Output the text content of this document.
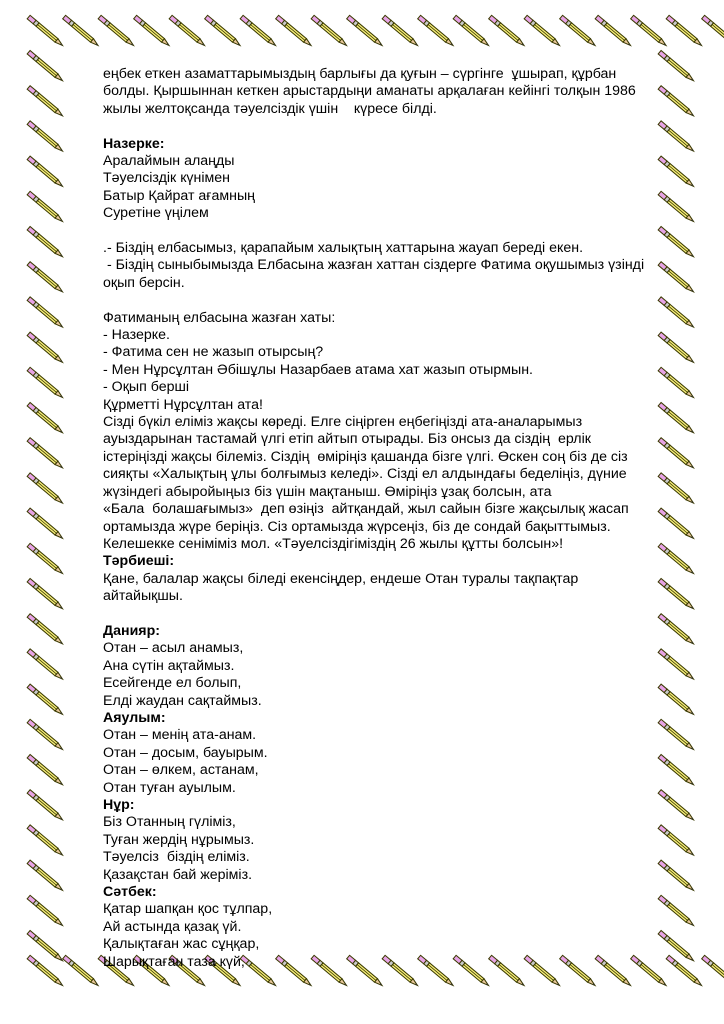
еңбек еткен азаматтарымыздың барлығы да қуғын – сүргінге  ұшырап, құрбан

болды. Қыршыннан кеткен арыстардыңи аманаты арқалаған кейінгі толқын 1986

жылы желтоқсанда тәуелсіздік үшін    күресе білді.

Назерке:

Аралаймын алаңды

Тәуелсіздік күнімен

Батыр Қайрат ағамның

Суретіне үңілем

.- Біздің елбасымыз, қарапайым халықтың хаттарына жауап береді екен.

- Біздің сыныбымызда Елбасына жазған хаттан сіздерге Фатима оқушымыз үзінді

оқып берсін.

Фатиманың елбасына жазған хаты:

- Назерке.

- Фатима сен не жазып отырсың?

- Мен Нұрсұлтан Әбішұлы Назарбаев атама хат жазып отырмын.

- Оқып берші

Құрметті Нұрсұлтан ата!

Сізді бүкіл еліміз жақсы көреді. Елге сіңірген еңбегіңізді ата-аналарымыз

ауыздарынан тастамай үлгі етіп айтып отырады. Біз онсыз да сіздің  ерлік

істеріңізді жақсы білеміз. Сіздің  өміріңіз қашанда бізге үлгі. Өскен соң біз де сіз

сияқты «Халықтың ұлы болғымыз келеді». Сізді ел алдындағы беделіңіз, дүние

жүзіндегі абыройыңыз біз үшін мақтаныш. Өміріңіз ұзақ болсын, ата

«Бала  болашағымыз»  деп өзіңіз  айтқандай, жыл сайын бізге жақсылық жасап

ортамызда жүре беріңіз. Сіз ортамызда жүрсеңіз, біз де сондай бақыттымыз.

Келешекке сеніміміз мол. «Тәуелсіздігіміздің 26 жылы құтты болсын»!

Тәрбиеші:

Қане, балалар жақсы біледі екенсіңдер, ендеше Отан туралы тақпақтар

айтайықшы.

Данияр:

Отан – асыл анамыз,

Ана сүтін ақтаймыз.

Есейгенде ел болып,

Елді жаудан сақтаймыз.

Аяулым:

Отан – менің ата-анам.

Отан – досым, бауырым.

Отан – өлкем, астанам,

Отан туған ауылым.

Нұр:

Біз Отанның гүліміз,

Туған жердің нұрымыз.

Тәуелсіз  біздің еліміз.

Қазақстан бай жеріміз.

Сәтбек:

Қатар шапқан қос тұлпар,

Ай астында қазақ үй.

Қалықтаған жас сұңқар,

Шарықтаған таза күй,
